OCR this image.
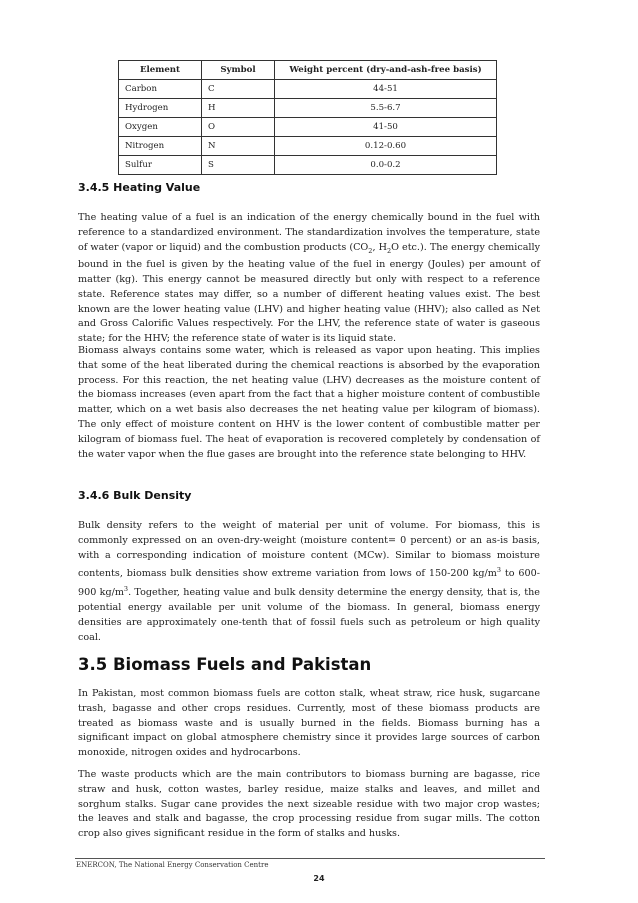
Element	Symbol	Weight percent (dry-and-ash-free basis)
Carbon	C	44-51
Hydrogen	H	5.5-6.7
Oxygen	O	41-50
Nitrogen	N	0.12-0.60
Sulfur	S	0.0-0.2
3.4.5 Heating Value

The heating value of a fuel is an indication of the energy chemically bound in the fuel with reference to a standardized environment. The standardization involves the temperature, state of water (vapor or liquid) and the combustion products ($CO_2$, $H_2O$ etc.). The energy chemically bound in the fuel is given by the heating value of the fuel in energy (Joules) per amount of matter (kg). This energy cannot be measured directly but only with respect to a reference state. Reference states may differ, so a number of different heating values exist. The best known are the lower heating value (LHV) and higher heating value (HHV); also called as Net and Gross Calorific Values respectively. For the LHV, the reference state of water is gaseous state; for the HHV; the reference state of water is its liquid state.

Biomass always contains some water, which is released as vapor upon heating. This implies that some of the heat liberated during the chemical reactions is absorbed by the evaporation process. For this reaction, the net heating value (LHV) decreases as the moisture content of the biomass increases (even apart from the fact that a higher moisture content of combustible matter, which on a wet basis also decreases the net heating value per kilogram of biomass). The only effect of moisture content on HHV is the lower content of combustible matter per kilogram of biomass fuel. The heat of evaporation is recovered completely by condensation of the water vapor when the flue gases are brought into the reference state belonging to HHV.

3.4.6 Bulk Density

Bulk density refers to the weight of material per unit of volume. For biomass, this is commonly expressed on an oven-dry-weight (moisture content= 0 percent) or an as-is basis, with a corresponding indication of moisture content (MCw). Similar to biomass moisture contents, biomass bulk densities show extreme variation from lows of 150-200 $kg/m^3$ to 600-900 $kg/m^3$. Together, heating value and bulk density determine the energy density, that is, the potential energy available per unit volume of the biomass. In general, biomass energy densities are approximately one-tenth that of fossil fuels such as petroleum or high quality coal.

3.5 Biomass Fuels and Pakistan

In Pakistan, most common biomass fuels are cotton stalk, wheat straw, rice husk, sugarcane trash, bagasse and other crops residues. Currently, most of these biomass products are treated as biomass waste and is usually burned in the fields. Biomass burning has a significant impact on global atmosphere chemistry since it provides large sources of carbon monoxide, nitrogen oxides and hydrocarbons.

The waste products which are the main contributors to biomass burning are bagasse, rice straw and husk, cotton wastes, barley residue, maize stalks and leaves, and millet and sorghum stalks. Sugar cane provides the next sizeable residue with two major crop wastes; the leaves and stalk and bagasse, the crop processing residue from sugar mills. The cotton crop also gives significant residue in the form of stalks and husks.

ENERCON, The National Energy Conservation Centre
24
